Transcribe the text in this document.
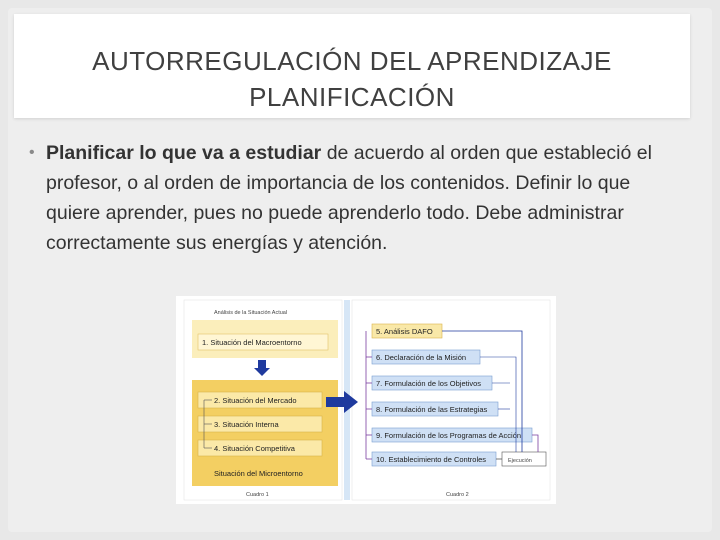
AUTORREGULACIÓN DEL APRENDIZAJE
PLANIFICACIÓN
• Planificar lo que va a estudiar de acuerdo al orden que estableció el profesor, o al orden de importancia de los contenidos. Definir lo que quiere aprender, pues no puede aprenderlo todo. Debe administrar correctamente sus energías y atención.
Análisis de la Situación Actual
1. Situación del Macroentorno
2. Situación del Mercado
3. Situación Interna
4. Situación Competitiva
Situación del Microentorno
Cuadro 1
5. Análisis DAFO
6. Declaración de la Misión
7. Formulación de los Objetivos
8. Formulación de las Estrategias
9. Formulación de los Programas de Acción
10. Establecimiento de Controles	Ejecución
Cuadro 2
